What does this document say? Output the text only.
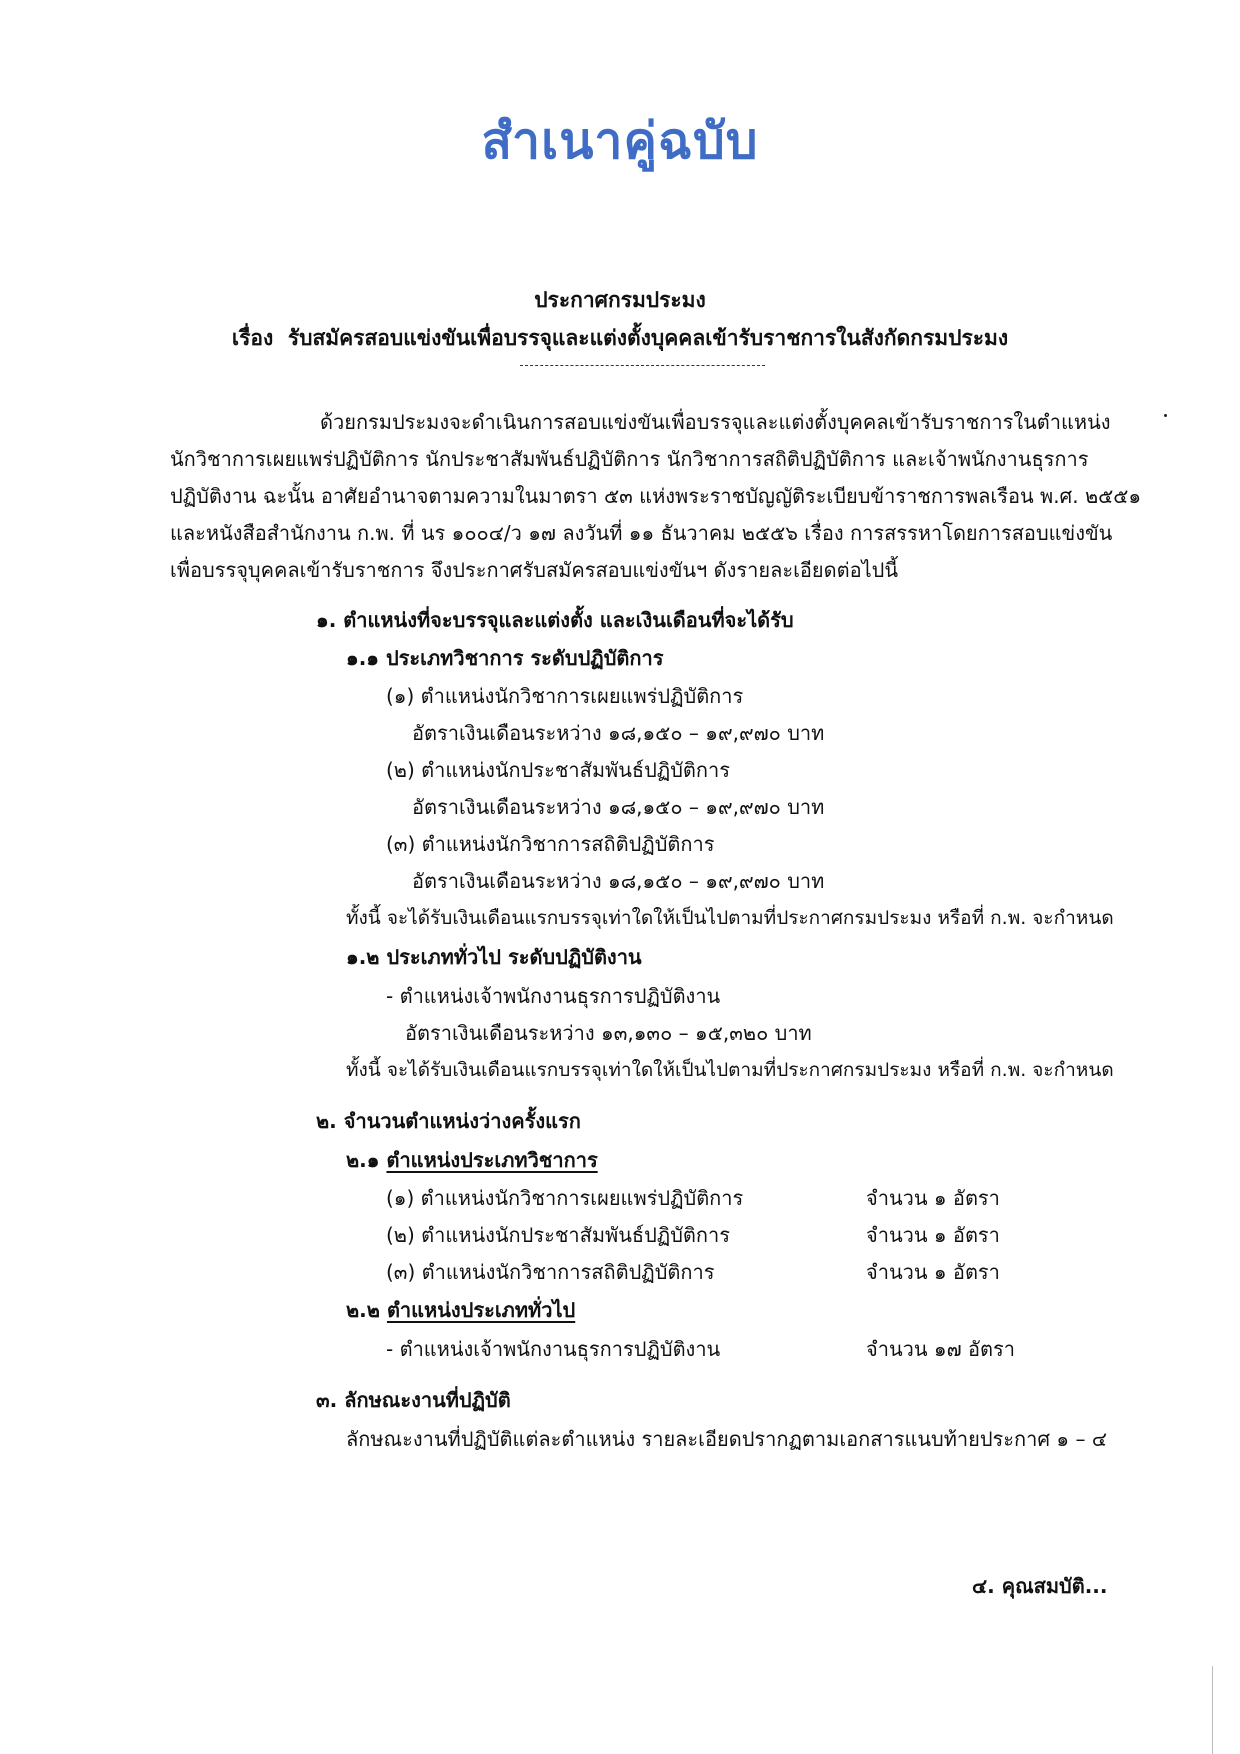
สำเนาคู่ฉบับ
ประกาศกรมประมง
เรื่อง รับสมัครสอบแข่งขันเพื่อบรรจุและแต่งตั้งบุคคลเข้ารับราชการในสังกัดกรมประมง
ด้วยกรมประมงจะดำเนินการสอบแข่งขันเพื่อบรรจุและแต่งตั้งบุคคลเข้ารับราชการในตำแหน่ง
นักวิชาการเผยแพร่ปฏิบัติการ นักประชาสัมพันธ์ปฏิบัติการ นักวิชาการสถิติปฏิบัติการ และเจ้าพนักงานธุรการ
ปฏิบัติงาน ฉะนั้น อาศัยอำนาจตามความในมาตรา ๕๓ แห่งพระราชบัญญัติระเบียบข้าราชการพลเรือน พ.ศ. ๒๕๕๑
และหนังสือสำนักงาน ก.พ. ที่ นร ๑๐๐๔/ว ๑๗ ลงวันที่ ๑๑ ธันวาคม ๒๕๕๖ เรื่อง การสรรหาโดยการสอบแข่งขัน
เพื่อบรรจุบุคคลเข้ารับราชการ จึงประกาศรับสมัครสอบแข่งขันฯ ดังรายละเอียดต่อไปนี้
๑. ตำแหน่งที่จะบรรจุและแต่งตั้ง และเงินเดือนที่จะได้รับ
๑.๑ ประเภทวิชาการ ระดับปฏิบัติการ
(๑) ตำแหน่งนักวิชาการเผยแพร่ปฏิบัติการ
อัตราเงินเดือนระหว่าง ๑๘,๑๕๐ – ๑๙,๙๗๐ บาท
(๒) ตำแหน่งนักประชาสัมพันธ์ปฏิบัติการ
อัตราเงินเดือนระหว่าง ๑๘,๑๕๐ – ๑๙,๙๗๐ บาท
(๓) ตำแหน่งนักวิชาการสถิติปฏิบัติการ
อัตราเงินเดือนระหว่าง ๑๘,๑๕๐ – ๑๙,๙๗๐ บาท
ทั้งนี้ จะได้รับเงินเดือนแรกบรรจุเท่าใดให้เป็นไปตามที่ประกาศกรมประมง หรือที่ ก.พ. จะกำหนด
๑.๒ ประเภททั่วไป ระดับปฏิบัติงาน
- ตำแหน่งเจ้าพนักงานธุรการปฏิบัติงาน
อัตราเงินเดือนระหว่าง ๑๓,๑๓๐ – ๑๕,๓๒๐ บาท
ทั้งนี้ จะได้รับเงินเดือนแรกบรรจุเท่าใดให้เป็นไปตามที่ประกาศกรมประมง หรือที่ ก.พ. จะกำหนด
๒. จำนวนตำแหน่งว่างครั้งแรก
๒.๑ ตำแหน่งประเภทวิชาการ
(๑) ตำแหน่งนักวิชาการเผยแพร่ปฏิบัติการ	จำนวน ๑ อัตรา
(๒) ตำแหน่งนักประชาสัมพันธ์ปฏิบัติการ	จำนวน ๑ อัตรา
(๓) ตำแหน่งนักวิชาการสถิติปฏิบัติการ	จำนวน ๑ อัตรา
๒.๒ ตำแหน่งประเภททั่วไป
- ตำแหน่งเจ้าพนักงานธุรการปฏิบัติงาน	จำนวน ๑๗ อัตรา
๓. ลักษณะงานที่ปฏิบัติ
ลักษณะงานที่ปฏิบัติแต่ละตำแหน่ง รายละเอียดปรากฏตามเอกสารแนบท้ายประกาศ ๑ – ๔
๔. คุณสมบัติ...
